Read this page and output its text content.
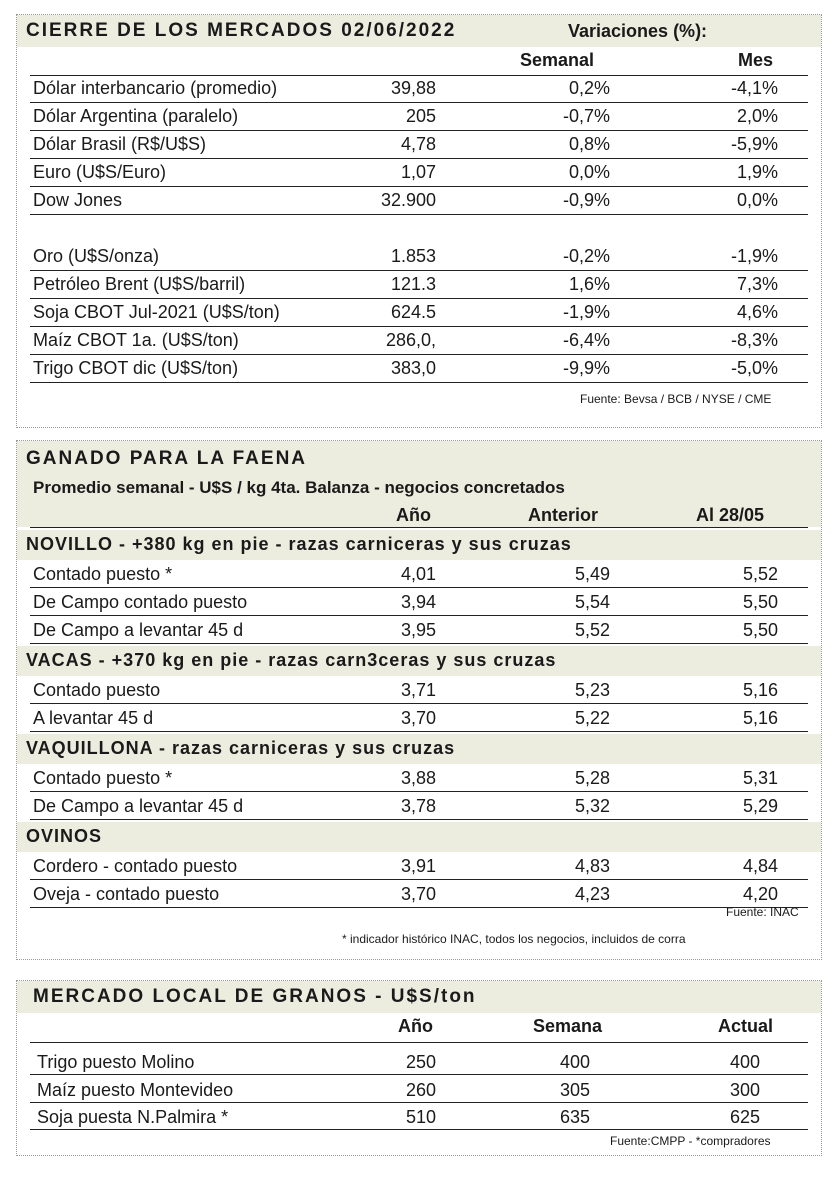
CIERRE DE LOS MERCADOS 02/06/2022	Variaciones (%):
Semanal	Mes
Dólar interbancario (promedio)	39,88	0,2%	-4,1%
Dólar Argentina (paralelo)	205	-0,7%	2,0%
Dólar Brasil (R$/U$S)	4,78	0,8%	-5,9%
Euro (U$S/Euro)	1,07	0,0%	1,9%
Dow Jones	32.900	-0,9%	0,0%
Oro (U$S/onza)	1.853	-0,2%	-1,9%
Petróleo Brent (U$S/barril)	121.3	1,6%	7,3%
Soja CBOT Jul-2021 (U$S/ton)	624.5	-1,9%	4,6%
Maíz CBOT 1a. (U$S/ton)	286,0,	-6,4%	-8,3%
Trigo CBOT dic (U$S/ton)	383,0	-9,9%	-5,0%
Fuente: Bevsa / BCB / NYSE / CME
GANADO PARA LA FAENA
Promedio semanal - U$S / kg 4ta. Balanza - negocios concretados
Año	Anterior	Al 28/05
NOVILLO - +380 kg en pie - razas carniceras y sus cruzas
Contado puesto *	4,01	5,49	5,52
De Campo contado puesto	3,94	5,54	5,50
De Campo a levantar 45 d	3,95	5,52	5,50
VACAS - +370 kg en pie - razas carn3ceras y sus cruzas
Contado puesto	3,71	5,23	5,16
A levantar 45 d	3,70	5,22	5,16
VAQUILLONA - razas carniceras y sus cruzas
Contado puesto *	3,88	5,28	5,31
De Campo a levantar 45 d	3,78	5,32	5,29
OVINOS
Cordero - contado puesto	3,91	4,83	4,84
Oveja - contado puesto	3,70	4,23	4,20
Fuente: INAC
* indicador histórico INAC, todos los negocios, incluidos de corra
MERCADO LOCAL DE GRANOS - U$S/ton
Año	Semana	Actual
Trigo puesto Molino	250	400	400
Maíz puesto Montevideo	260	305	300
Soja puesta N.Palmira *	510	635	625
Fuente:CMPP - *compradores
